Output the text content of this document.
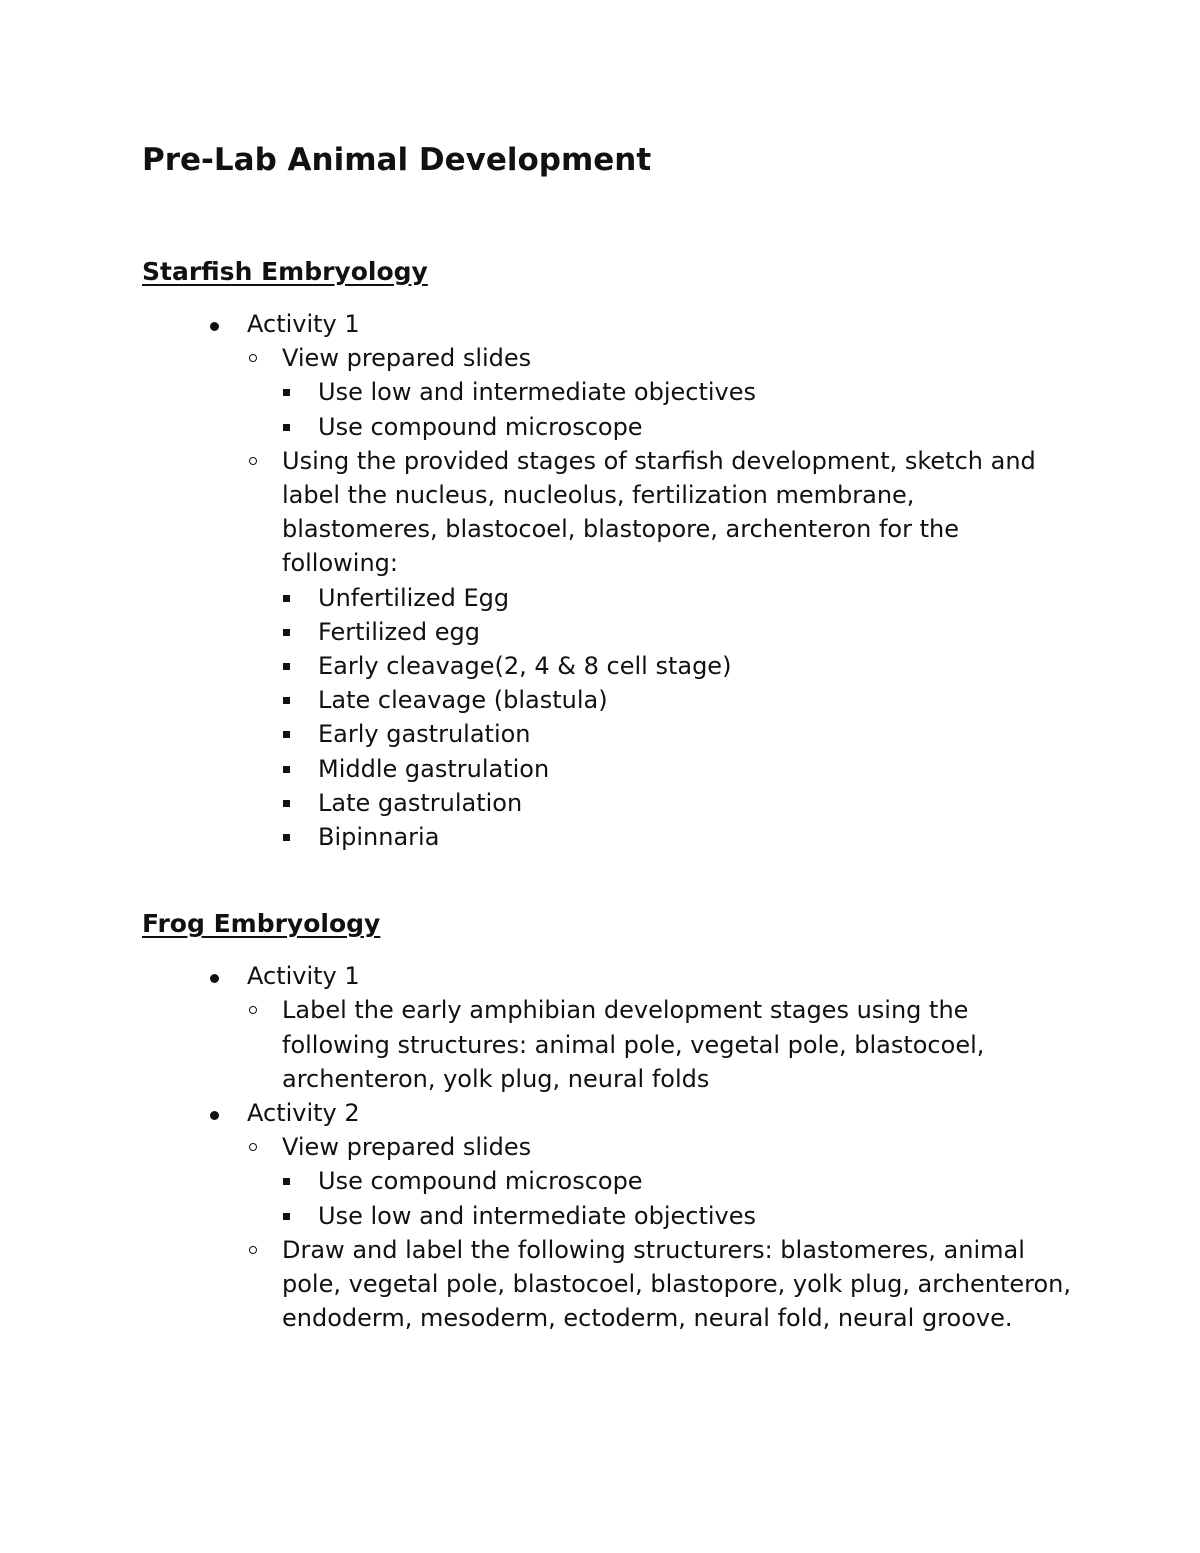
Pre-Lab Animal Development
Starfish Embryology
Activity 1
View prepared slides
Use low and intermediate objectives
Use compound microscope
Using the provided stages of starfish development, sketch and label the nucleus, nucleolus, fertilization membrane, blastomeres, blastocoel, blastopore, archenteron for the following:
Unfertilized Egg
Fertilized egg
Early cleavage(2, 4 & 8 cell stage)
Late cleavage (blastula)
Early gastrulation
Middle gastrulation
Late gastrulation
Bipinnaria
Frog Embryology
Activity 1
Label the early amphibian development stages using the following structures: animal pole, vegetal pole, blastocoel, archenteron, yolk plug, neural folds
Activity 2
View prepared slides
Use compound microscope
Use low and intermediate objectives
Draw and label the following structurers: blastomeres, animal pole, vegetal pole, blastocoel, blastopore, yolk plug, archenteron, endoderm, mesoderm, ectoderm, neural fold, neural groove.
